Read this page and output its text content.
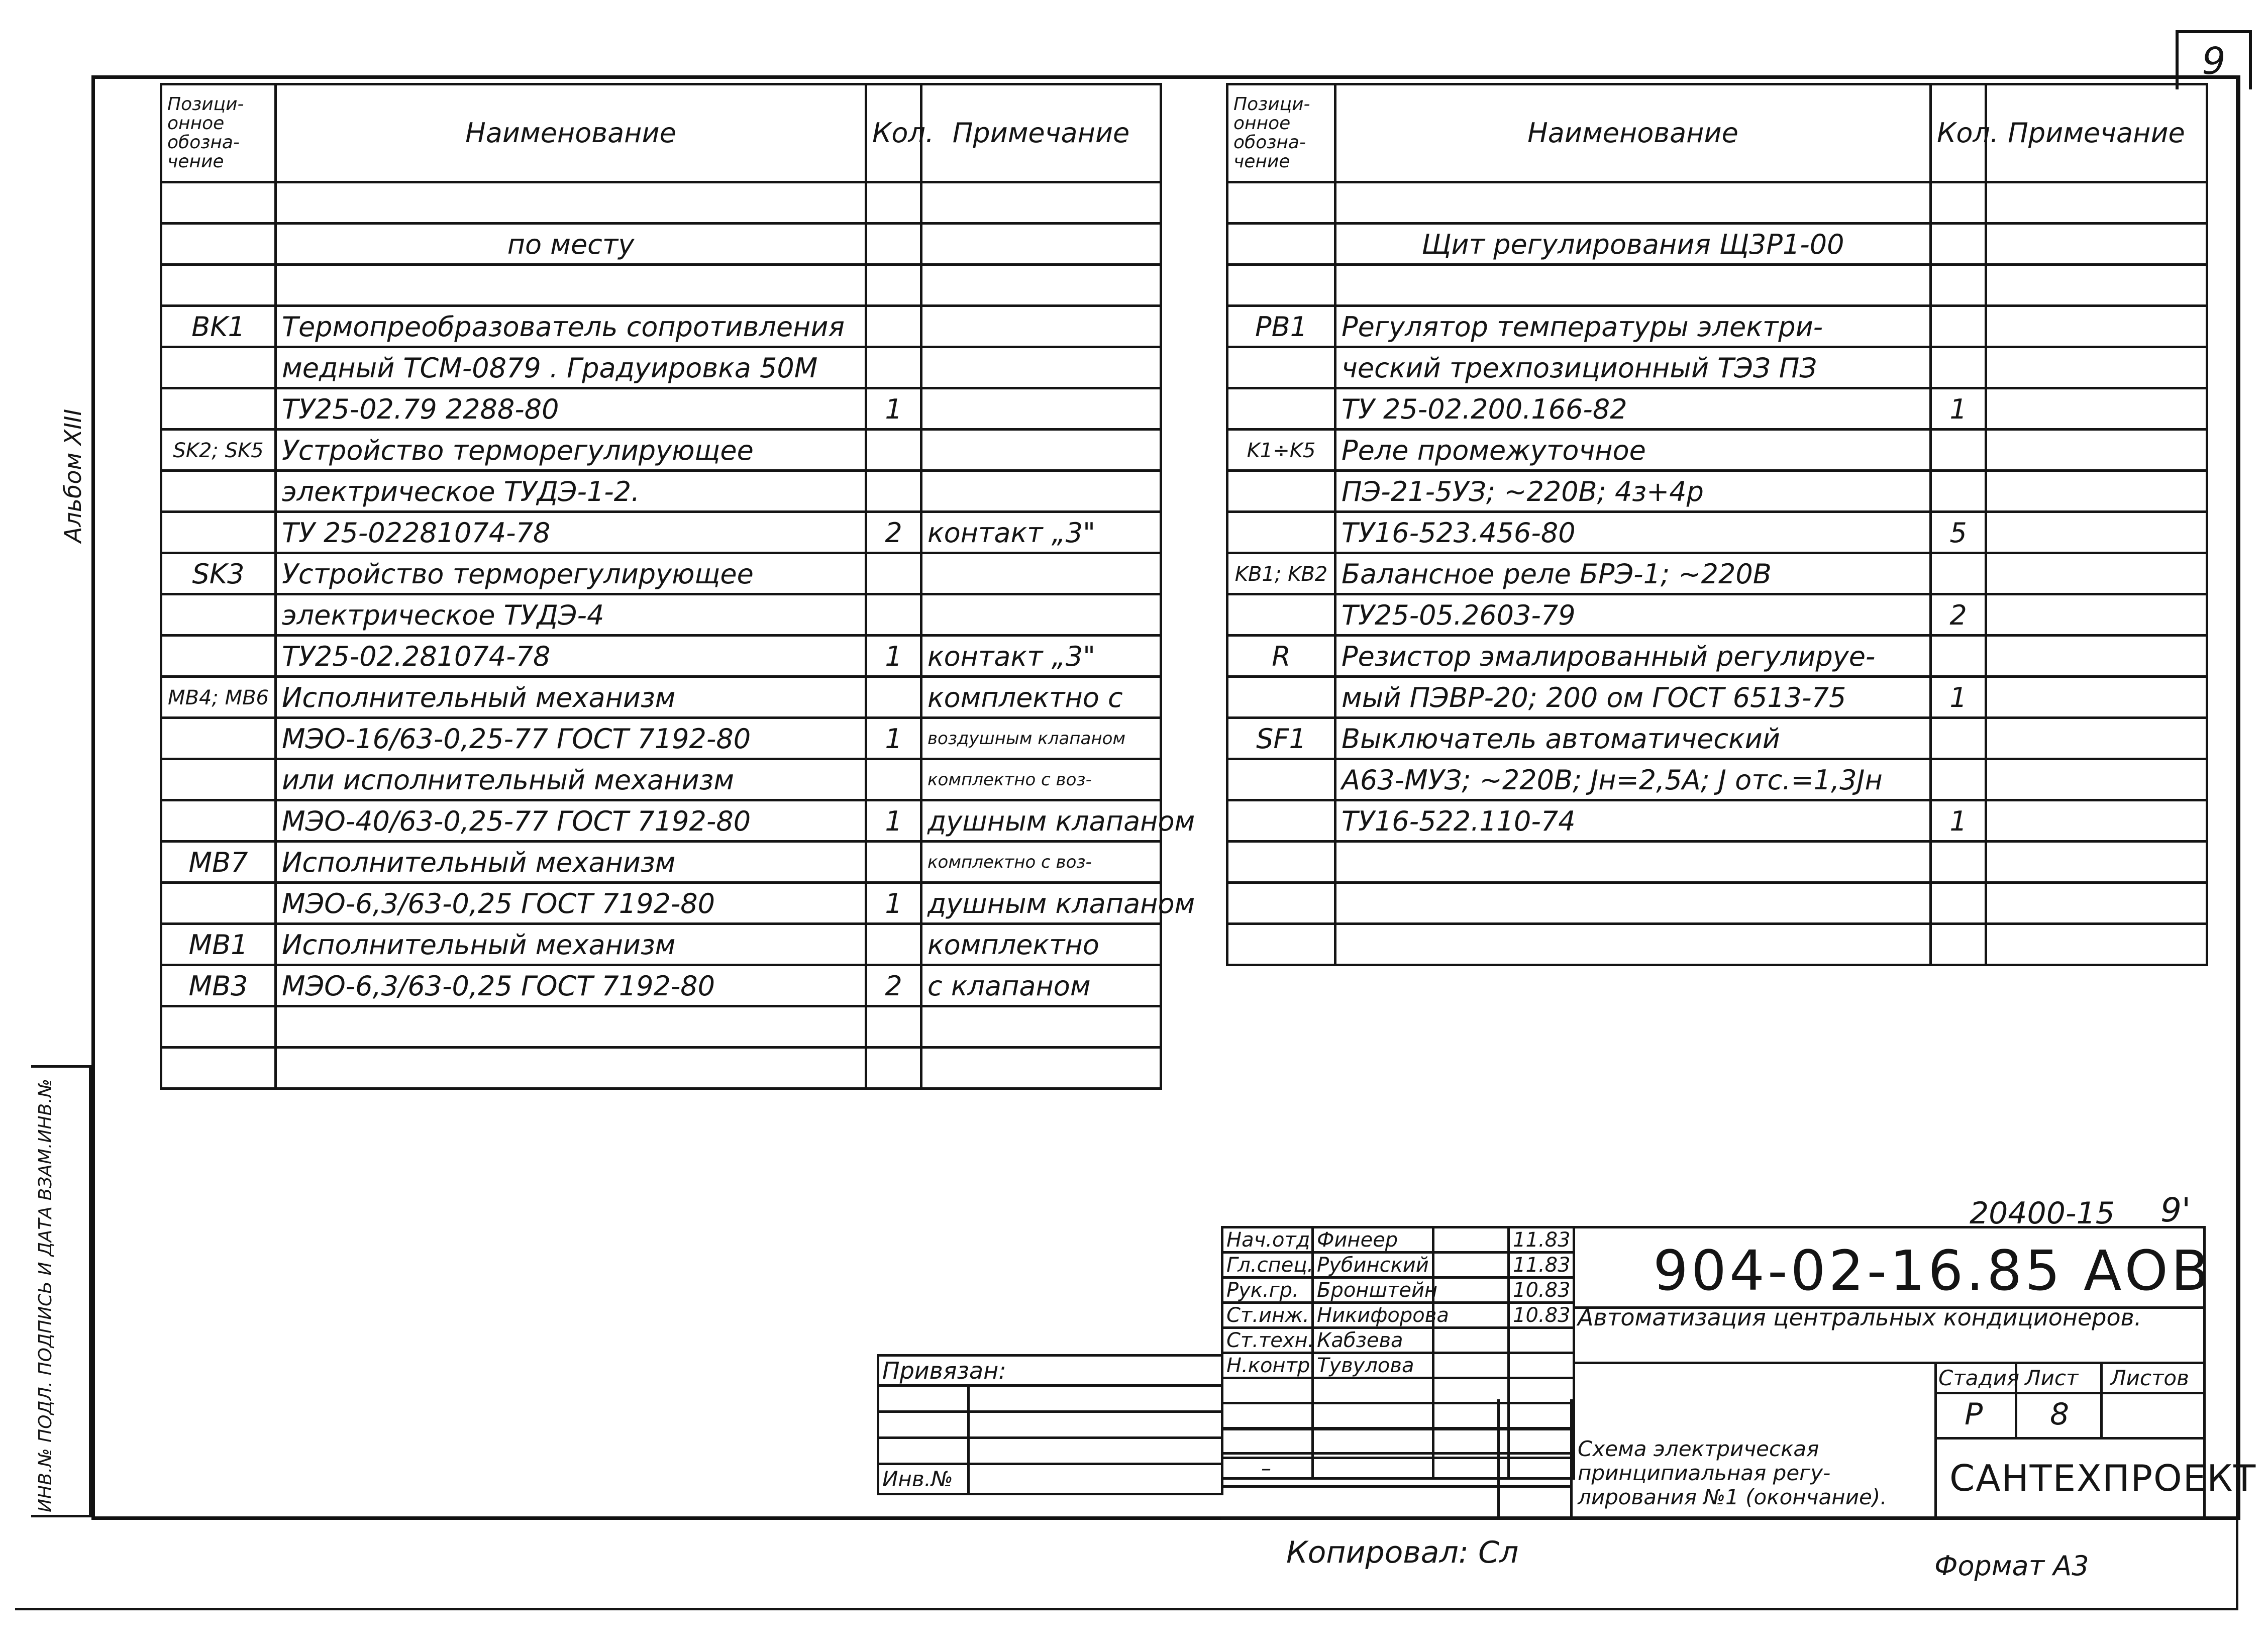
9
Альбом XIII
ИНВ.№ ПОДЛ. ПОДПИСЬ И ДАТА ВЗАМ.ИНВ.№
Позици-онное обозна-чение	Наименование	Кол.	Примечание

	по месту		

BK1	Термопреобразователь сопротивления		
	медный ТСМ-0879 . Градуировка 50М		
	ТУ25-02.79 2288-80	1	
SK2; SK5	Устройство терморегулирующее		
	электрическое ТУДЭ-1-2.		
	ТУ 25-02281074-78	2	контакт „3"
SK3	Устройство терморегулирующее		
	электрическое ТУДЭ-4		
	ТУ25-02.281074-78	1	контакт „3"
MB4; MB6	Исполнительный механизм		комплектно с
	МЭО-16/63-0,25-77 ГОСТ 7192-80	1	воздушным клапаном
	или исполнительный механизм		комплектно с воз-
	МЭО-40/63-0,25-77 ГОСТ 7192-80	1	душным клапаном
MB7	Исполнительный механизм		комплектно с воз-
	МЭО-6,3/63-0,25 ГОСТ 7192-80	1	душным клапаном
MB1	Исполнительный механизм		комплектно
MB3	МЭО-6,3/63-0,25 ГОСТ 7192-80	2	с клапаном

Позици-онное обозна-чение	Наименование	Кол.	Примечание

	Щит регулирования Щ3Р1-00		

PB1	Регулятор температуры электри-		
	ческий трехпозиционный ТЭЗ ПЗ		
	ТУ 25-02.200.166-82	1	
K1÷K5	Реле промежуточное		
	ПЭ-21-5УЗ; ~220В; 4з+4р		
	ТУ16-523.456-80	5	
KB1; KB2	Балансное реле БРЭ-1; ~220В		
	ТУ25-05.2603-79	2	
R	Резистор эмалированный регулируе-		
	мый ПЭВР-20; 200 ом ГОСТ 6513-75	1	
SF1	Выключатель автоматический		
	А63-МУЗ; ~220В; Jн=2,5А; J отс.=1,3Jн		
	ТУ16-522.110-74	1	

20400-15 9'
Нач.отд.	Финеер		11.83
Гл.спец.	Рубинский		11.83
Рук.гр.	Бронштейн		10.83
Ст.инж.	Никифорова		10.83
Ст.техн.	Кабзева		
Н.контр.	Тувулова		

Привязан:	

Инв.№		–
904-02-16.85 АОВ
Автоматизация центральных кондиционеров.
Стадия Лист Листов
Р 8
Схема электрическая принципиальная регу-лирования №1 (окончание).	САНТЕХПРОЕКТ
Копировал: Сл	Формат А3
